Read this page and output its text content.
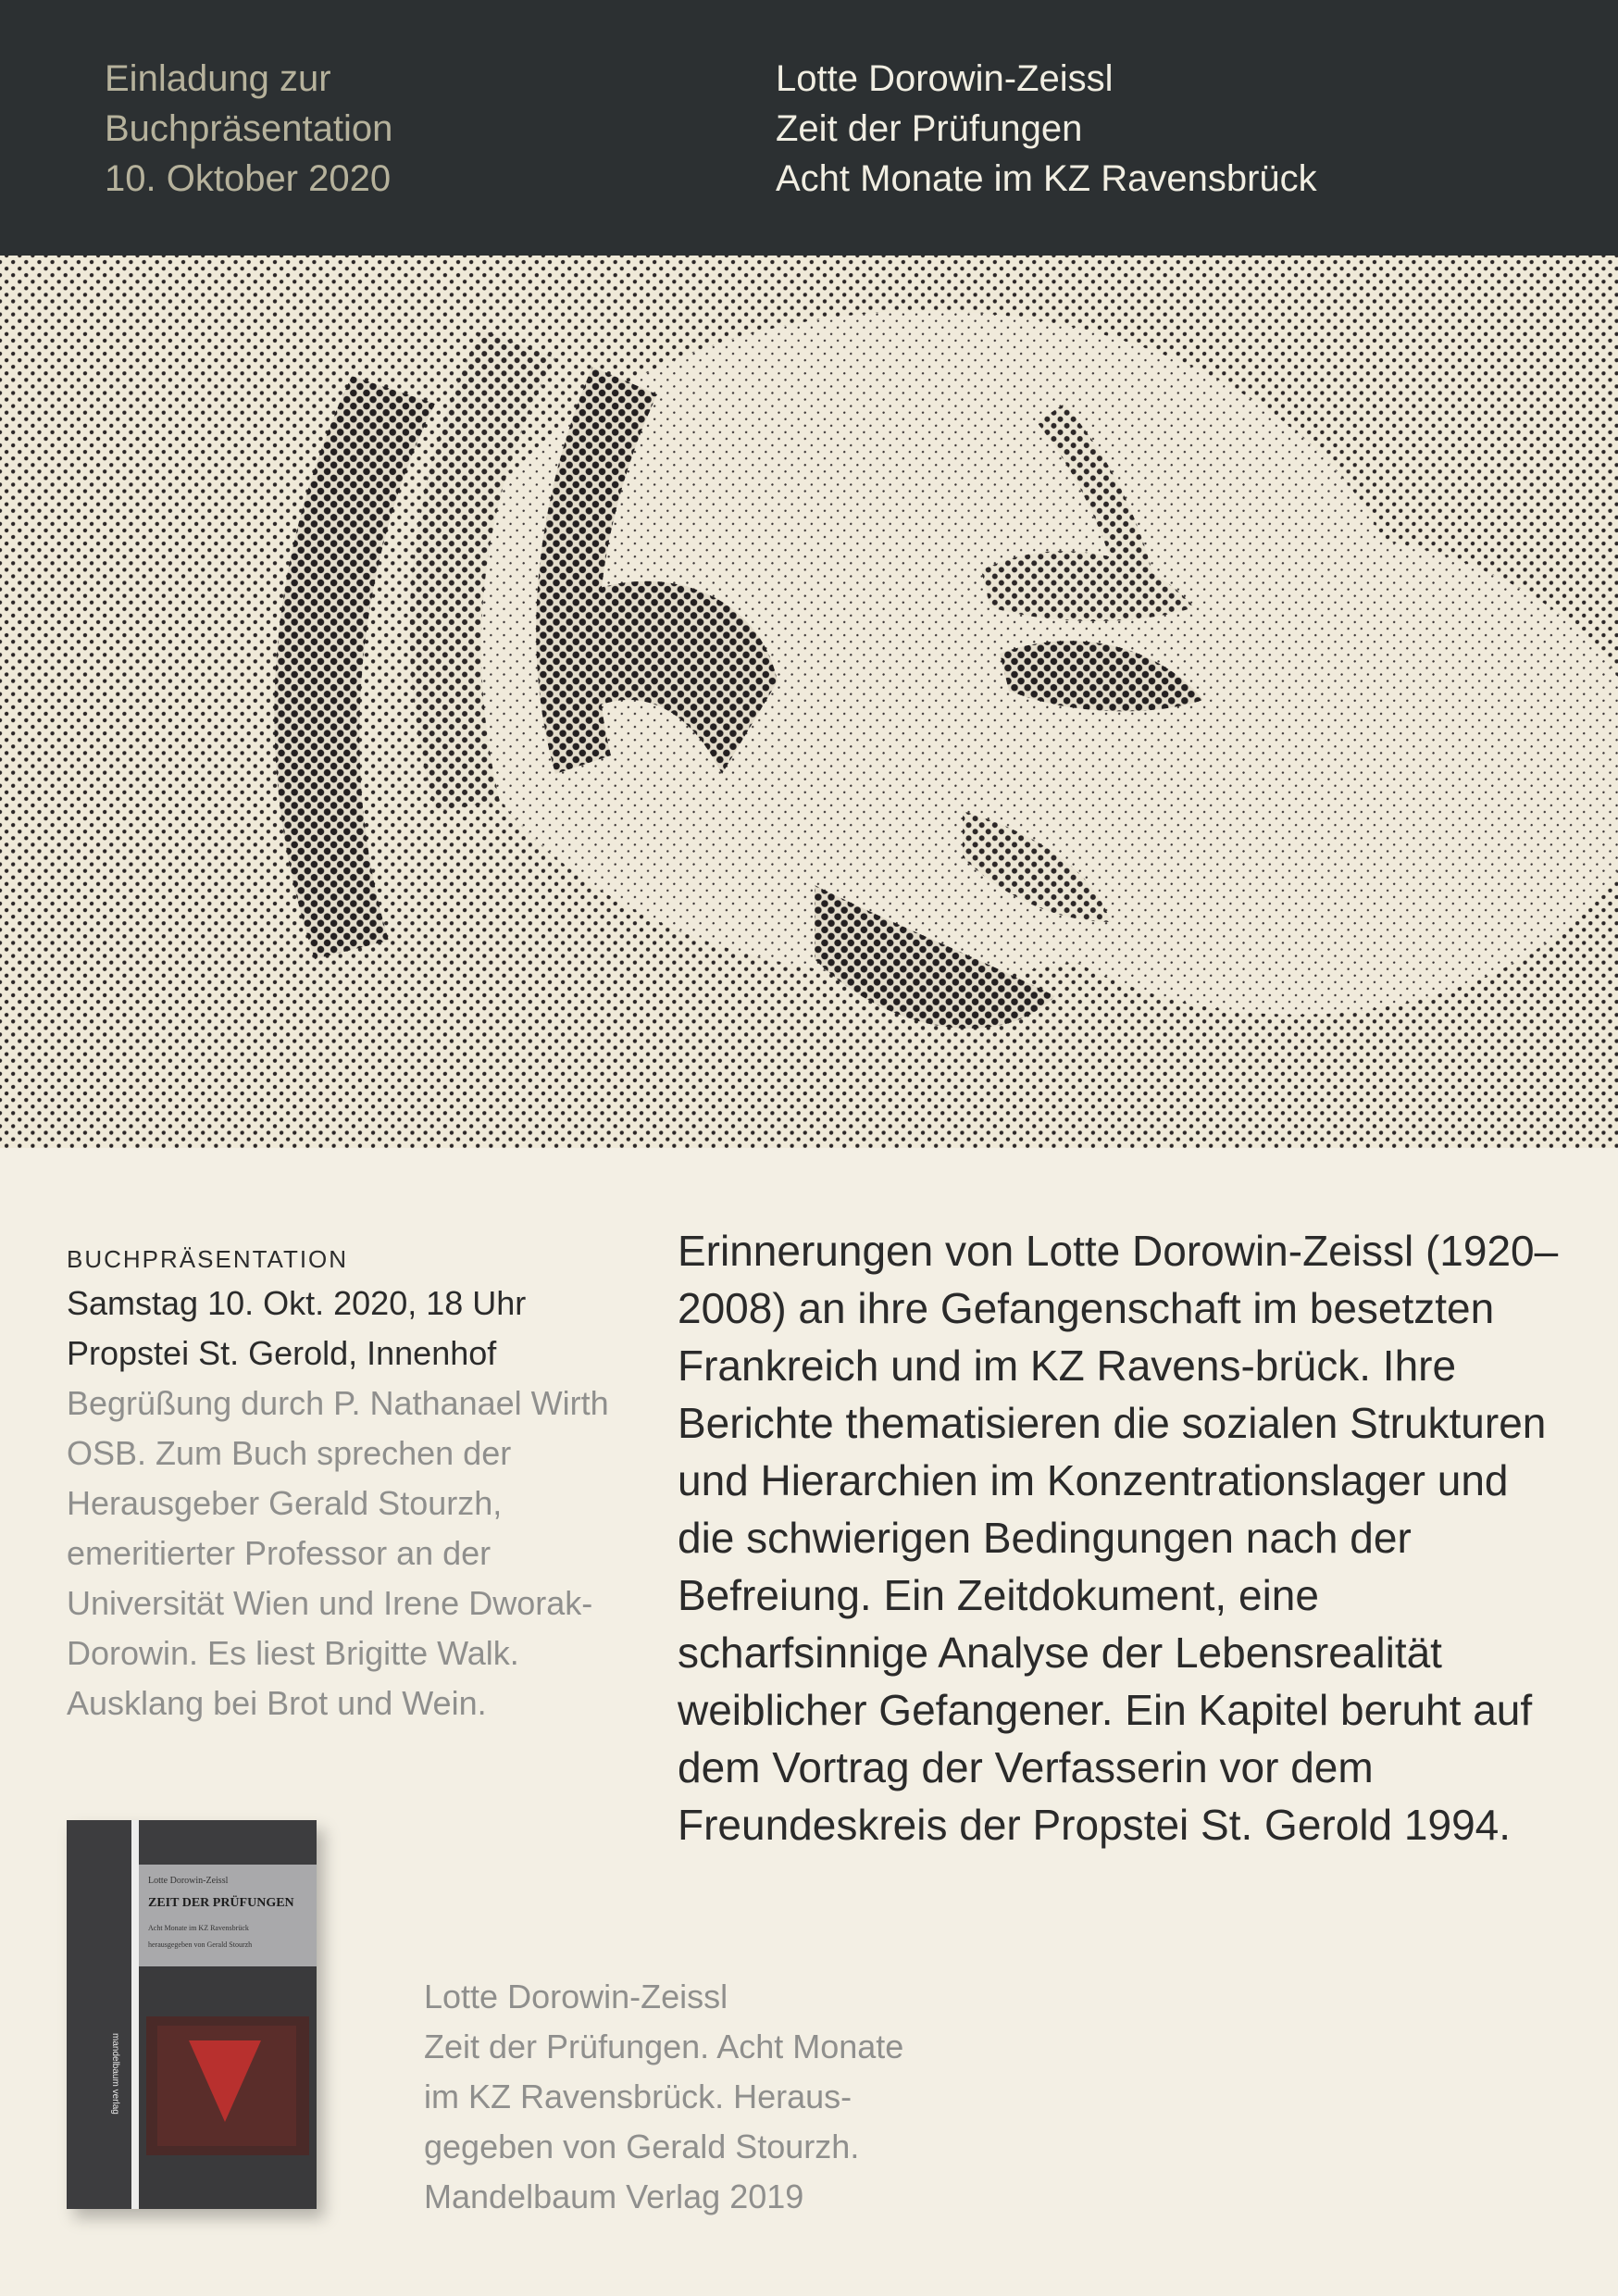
Einladung zur
Buchpräsentation
10. Oktober 2020
Lotte Dorowin-Zeissl
Zeit der Prüfungen
Acht Monate im KZ Ravensbrück
BUCHPRÄSENTATION
Samstag 10. Okt. 2020, 18 Uhr
Propstei St. Gerold, Innenhof
Begrüßung durch P. Nathanael Wirth OSB. Zum Buch sprechen der Herausgeber Gerald Stourzh, emeritierter Professor an der Universität Wien und Irene Dworak-Dorowin. Es liest Brigitte Walk. Ausklang bei Brot und Wein.
Erinnerungen von Lotte Dorowin-Zeissl (1920–2008) an ihre Gefangenschaft im besetzten Frankreich und im KZ Ravens-brück. Ihre Berichte thematisieren die sozialen Strukturen und Hierarchien im Konzentrationslager und die schwierigen Bedingungen nach der Befreiung. Ein Zeitdokument, eine scharfsinnige Analyse der Lebensrealität weiblicher Gefangener. Ein Kapitel beruht auf dem Vortrag der Verfasserin vor dem Freundeskreis der Propstei St. Gerold 1994.
Lotte Dorowin-Zeissl
ZEIT DER PRÜFUNGEN
Acht Monate im KZ Ravensbrück
herausgegeben von Gerald Stourzh
mandelbaum verlag
Lotte Dorowin-Zeissl
Zeit der Prüfungen. Acht Monate
im KZ Ravensbrück. Heraus-
gegeben von Gerald Stourzh.
Mandelbaum Verlag 2019
